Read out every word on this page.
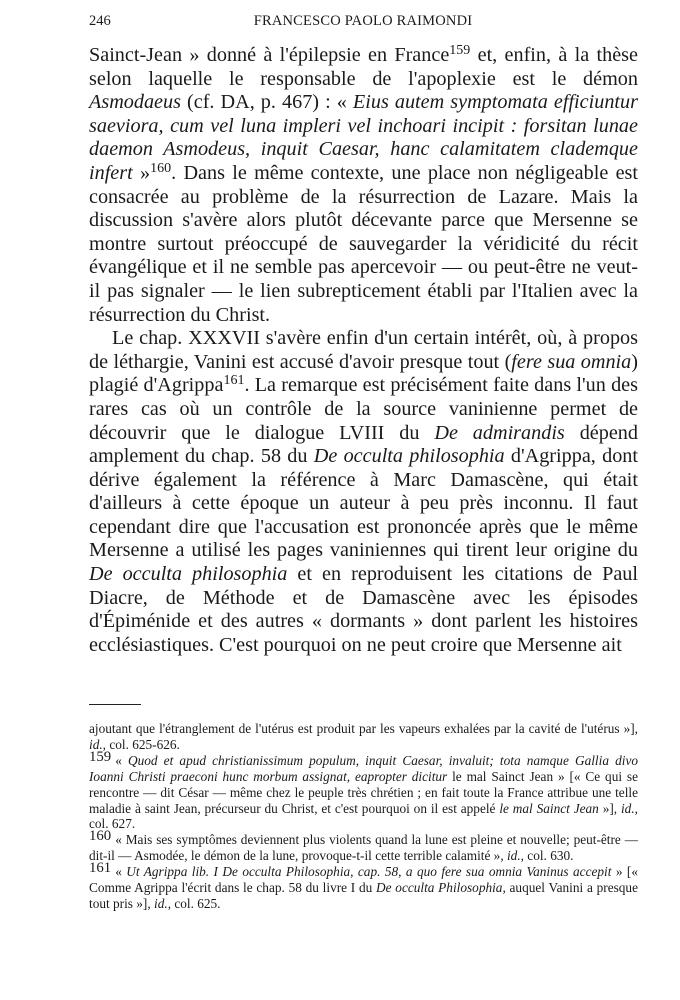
246	FRANCESCO PAOLO RAIMONDI

Sainct-Jean » donné à l'épilepsie en France$^{159}$ et, enfin, à la thèse selon laquelle le responsable de l'apoplexie est le démon Asmodaeus (cf. DA, p. 467) : « Eius autem symptomata efficiuntur saeviora, cum vel luna impleri vel inchoari incipit : forsitan lunae daemon Asmodeus, inquit Caesar, hanc calamitatem clademque infert »$^{160}$. Dans le même contexte, une place non négligeable est consacrée au problème de la résurrection de Lazare. Mais la discussion s'avère alors plutôt décevante parce que Mersenne se montre surtout préoccupé de sauvegarder la véridicité du récit évangélique et il ne semble pas apercevoir — ou peut-être ne veut-il pas signaler — le lien subrepticement établi par l'Italien avec la résurrection du Christ.

Le chap. XXXVII s'avère enfin d'un certain intérêt, où, à propos de léthargie, Vanini est accusé d'avoir presque tout (fere sua omnia) plagié d'Agrippa$^{161}$. La remarque est précisément faite dans l'un des rares cas où un contrôle de la source vaninienne permet de découvrir que le dialogue LVIII du De admirandis dépend amplement du chap. 58 du De occulta philosophia d'Agrippa, dont dérive également la référence à Marc Damascène, qui était d'ailleurs à cette époque un auteur à peu près inconnu. Il faut cependant dire que l'accusation est prononcée après que le même Mersenne a utilisé les pages vaniniennes qui tirent leur origine du De occulta philosophia et en reproduisent les citations de Paul Diacre, de Méthode et de Damascène avec les épisodes d'Épiménide et des autres « dormants » dont parlent les histoires ecclésiastiques. C'est pourquoi on ne peut croire que Mersenne ait

ajoutant que l'étranglement de l'utérus est produit par les vapeurs exhalées par la cavité de l'utérus »], id., col. 625-626.

159 « Quod et apud christianissimum populum, inquit Caesar, invaluit; tota namque Gallia divo Ioanni Christi praeconi hunc morbum assignat, eapropter dicitur le mal Sainct Jean » [« Ce qui se rencontre — dit César — même chez le peuple très chrétien ; en fait toute la France attribue une telle maladie à saint Jean, précurseur du Christ, et c'est pourquoi on il est appelé le mal Sainct Jean »], id., col. 627.

160 « Mais ses symptômes deviennent plus violents quand la lune est pleine et nouvelle; peut-être — dit-il — Asmodée, le démon de la lune, provoque-t-il cette terrible calamité », id., col. 630.

161 « Ut Agrippa lib. I De occulta Philosophia, cap. 58, a quo fere sua omnia Vaninus accepit » [« Comme Agrippa l'écrit dans le chap. 58 du livre I du De occulta Philosophia, auquel Vanini a presque tout pris »], id., col. 625.
